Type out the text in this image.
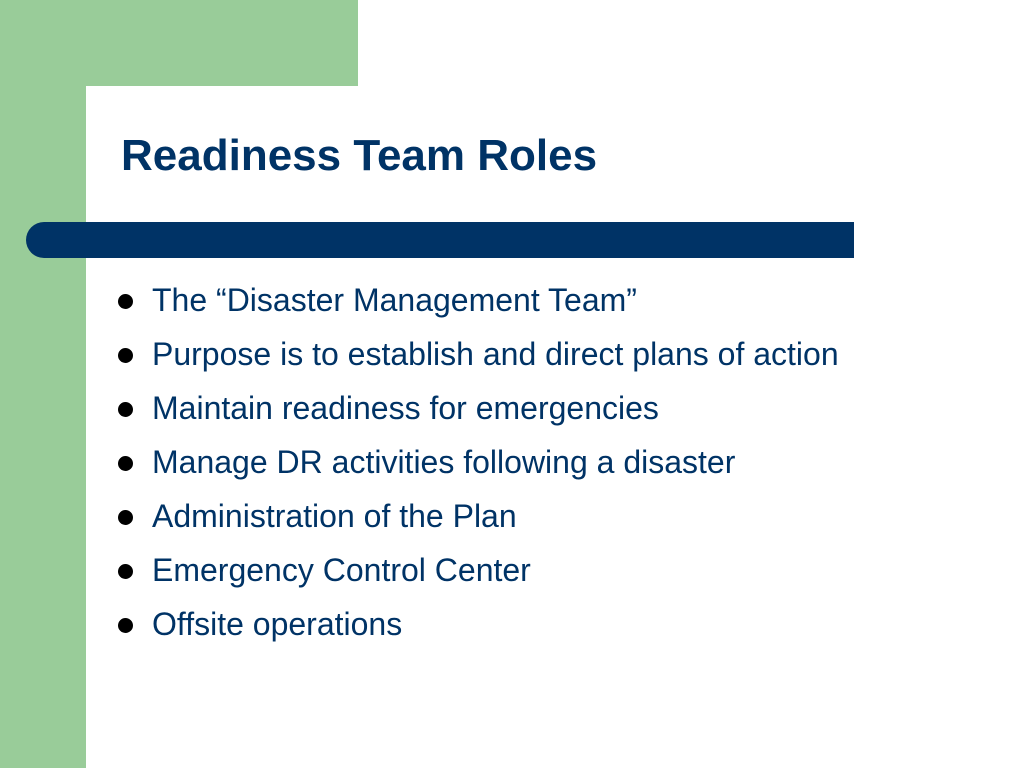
Readiness Team Roles
The “Disaster Management Team”
Purpose is to establish and direct plans of action
Maintain readiness for emergencies
Manage DR activities following a disaster
Administration of the Plan
Emergency Control Center
Offsite operations
